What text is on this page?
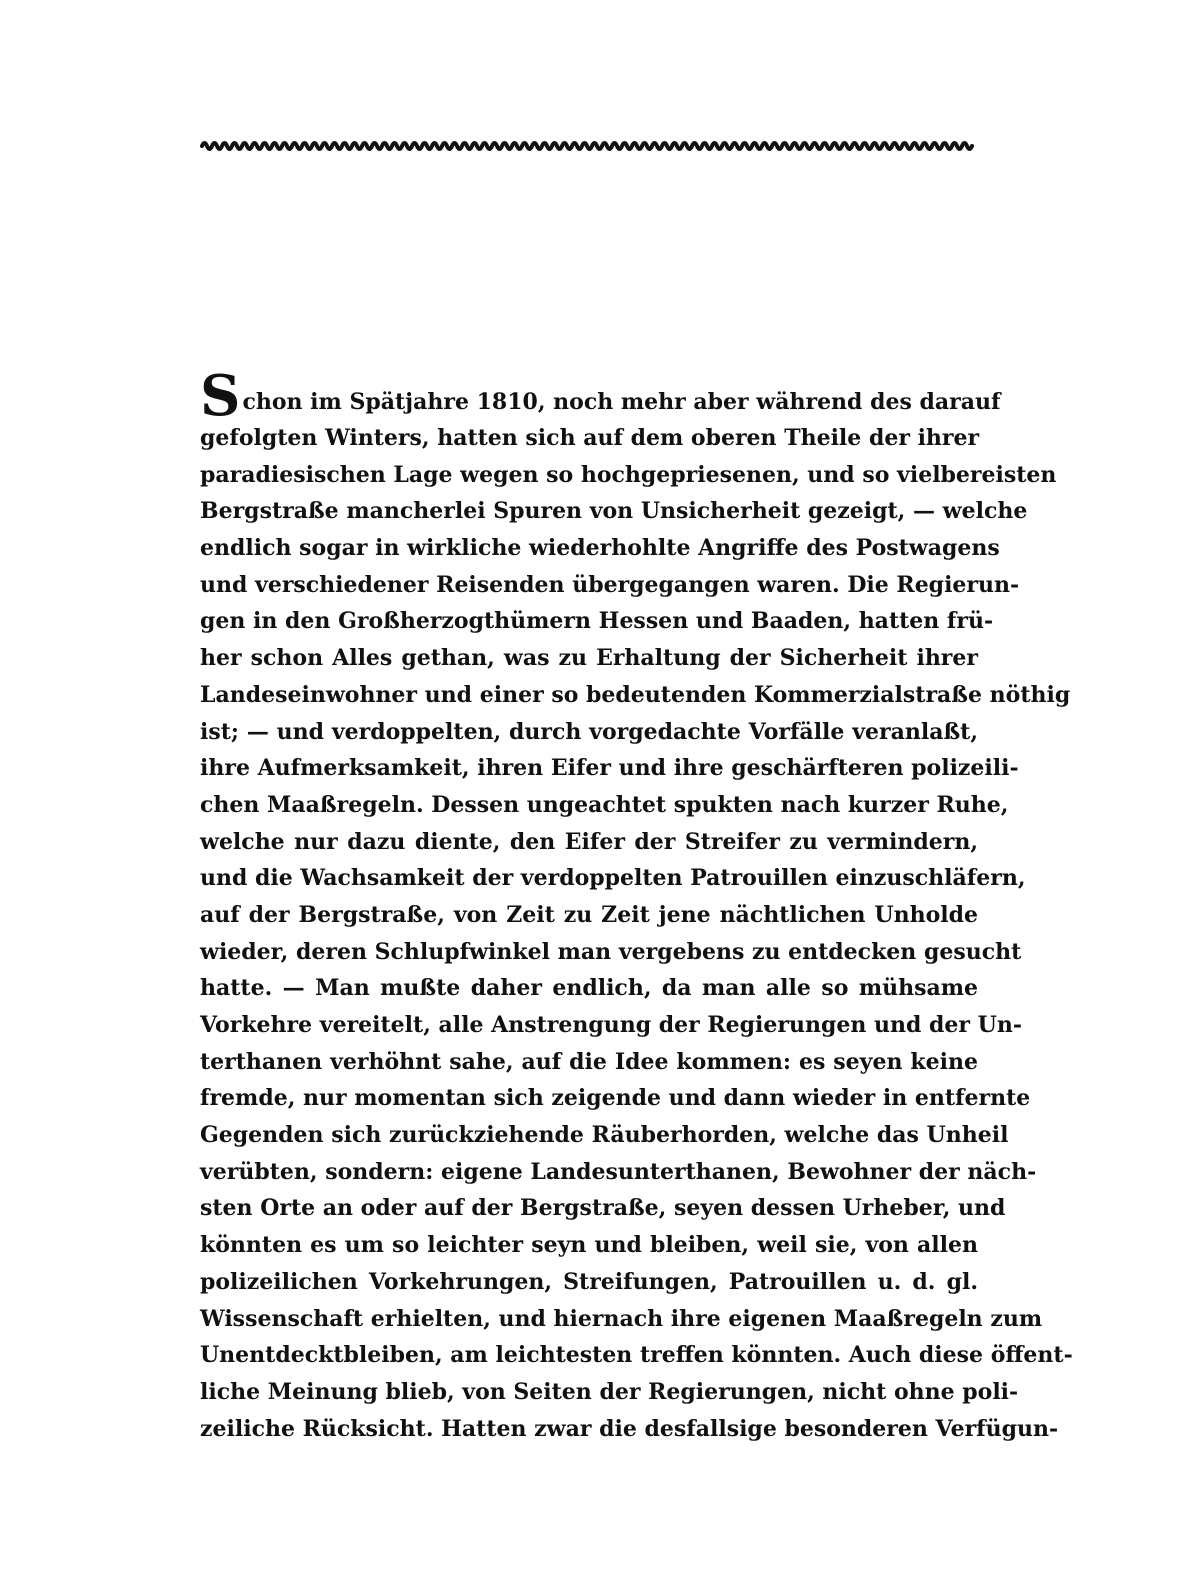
Schon im Spätjahre 1810, noch mehr aber während des darauf
gefolgten Winters, hatten sich auf dem oberen Theile der ihrer
paradiesischen Lage wegen so hochgepriesenen, und so vielbereisten
Bergstraße mancherlei Spuren von Unsicherheit gezeigt, — welche
endlich sogar in wirkliche wiederhohlte Angriffe des Postwagens
und verschiedener Reisenden übergegangen waren. Die Regierun-
gen in den Großherzogthümern Hessen und Baaden, hatten frü-
her schon Alles gethan, was zu Erhaltung der Sicherheit ihrer
Landeseinwohner und einer so bedeutenden Kommerzialstraße nöthig
ist; — und verdoppelten, durch vorgedachte Vorfälle veranlaßt,
ihre Aufmerksamkeit, ihren Eifer und ihre geschärfteren polizeili-
chen Maaßregeln. Dessen ungeachtet spukten nach kurzer Ruhe,
welche nur dazu diente, den Eifer der Streifer zu vermindern,
und die Wachsamkeit der verdoppelten Patrouillen einzuschläfern,
auf der Bergstraße, von Zeit zu Zeit jene nächtlichen Unholde
wieder, deren Schlupfwinkel man vergebens zu entdecken gesucht
hatte. — Man mußte daher endlich, da man alle so mühsame
Vorkehre vereitelt, alle Anstrengung der Regierungen und der Un-
terthanen verhöhnt sahe, auf die Idee kommen: es seyen keine
fremde, nur momentan sich zeigende und dann wieder in entfernte
Gegenden sich zurückziehende Räuberhorden, welche das Unheil
verübten, sondern: eigene Landesunterthanen, Bewohner der näch-
sten Orte an oder auf der Bergstraße, seyen dessen Urheber, und
könnten es um so leichter seyn und bleiben, weil sie, von allen
polizeilichen Vorkehrungen, Streifungen, Patrouillen u. d. gl.
Wissenschaft erhielten, und hiernach ihre eigenen Maaßregeln zum
Unentdecktbleiben, am leichtesten treffen könnten. Auch diese öffent-
liche Meinung blieb, von Seiten der Regierungen, nicht ohne poli-
zeiliche Rücksicht. Hatten zwar die desfallsige besonderen Verfügun-
